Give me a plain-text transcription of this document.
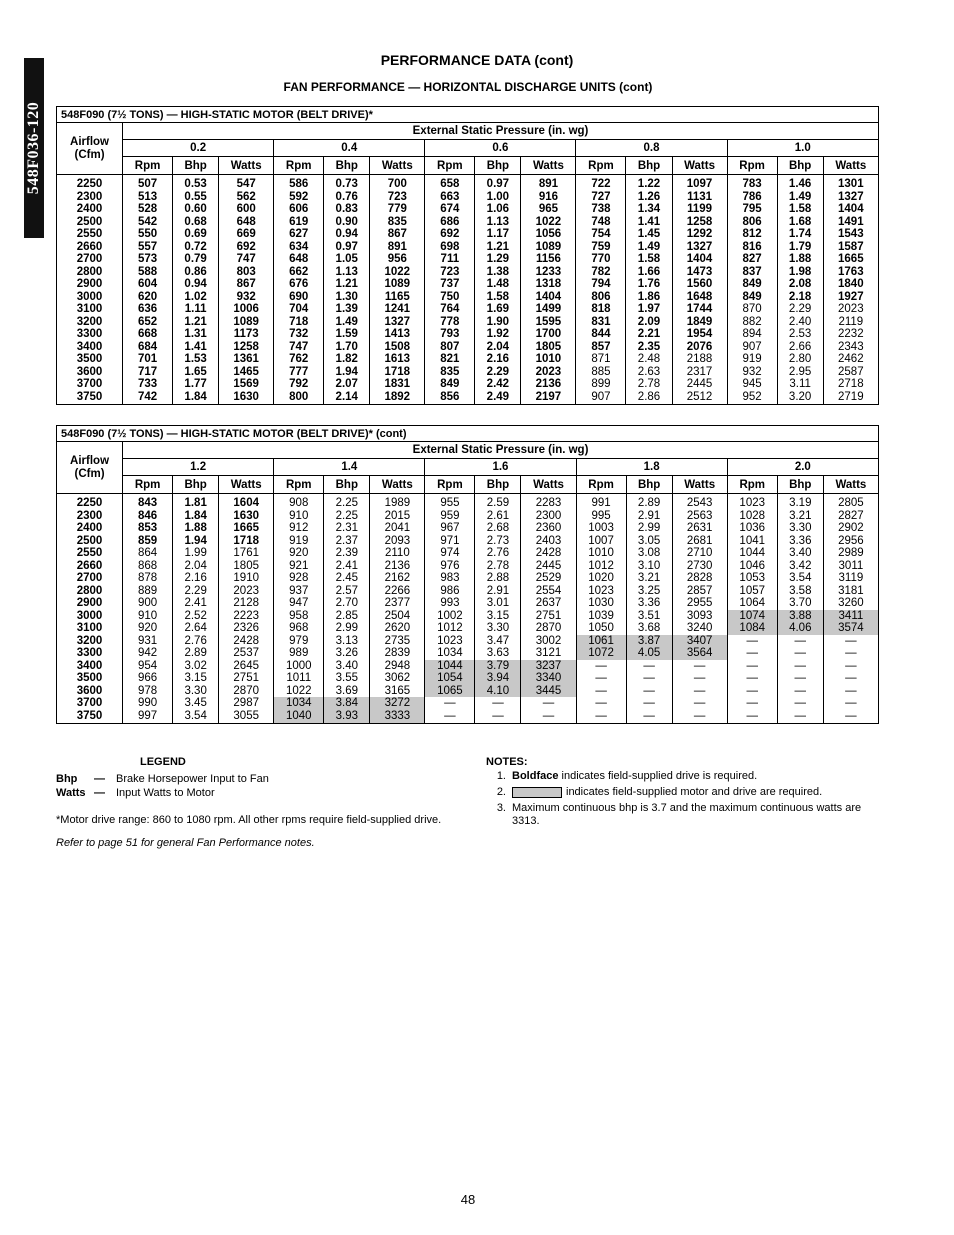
548F036-120
PERFORMANCE DATA (cont)
FAN PERFORMANCE — HORIZONTAL DISCHARGE UNITS (cont)
548F090 (7½ TONS) — HIGH-STATIC MOTOR (BELT DRIVE)*															
Airflow (Cfm)	External Static Pressure (in. wg)														
	0.2			0.4			0.6			0.8			1.0		
	Rpm	Bhp	Watts	Rpm	Bhp	Watts	Rpm	Bhp	Watts	Rpm	Bhp	Watts	Rpm	Bhp	Watts
2250	507	0.53	547	586	0.73	700	658	0.97	891	722	1.22	1097	783	1.46	1301
2300	513	0.55	562	592	0.76	723	663	1.00	916	727	1.26	1131	786	1.49	1327
2400	528	0.60	600	606	0.83	779	674	1.06	965	738	1.34	1199	795	1.58	1404
2500	542	0.68	648	619	0.90	835	686	1.13	1022	748	1.41	1258	806	1.68	1491
2550	550	0.69	669	627	0.94	867	692	1.17	1056	754	1.45	1292	812	1.74	1543
2660	557	0.72	692	634	0.97	891	698	1.21	1089	759	1.49	1327	816	1.79	1587
2700	573	0.79	747	648	1.05	956	711	1.29	1156	770	1.58	1404	827	1.88	1665
2800	588	0.86	803	662	1.13	1022	723	1.38	1233	782	1.66	1473	837	1.98	1763
2900	604	0.94	867	676	1.21	1089	737	1.48	1318	794	1.76	1560	849	2.08	1840
3000	620	1.02	932	690	1.30	1165	750	1.58	1404	806	1.86	1648	849	2.18	1927
3100	636	1.11	1006	704	1.39	1241	764	1.69	1499	818	1.97	1744	870	2.29	2023
3200	652	1.21	1089	718	1.49	1327	778	1.90	1595	831	2.09	1849	882	2.40	2119
3300	668	1.31	1173	732	1.59	1413	793	1.92	1700	844	2.21	1954	894	2.53	2232
3400	684	1.41	1258	747	1.70	1508	807	2.04	1805	857	2.35	2076	907	2.66	2343
3500	701	1.53	1361	762	1.82	1613	821	2.16	1010	871	2.48	2188	919	2.80	2462
3600	717	1.65	1465	777	1.94	1718	835	2.29	2023	885	2.63	2317	932	2.95	2587
3700	733	1.77	1569	792	2.07	1831	849	2.42	2136	899	2.78	2445	945	3.11	2718
3750	742	1.84	1630	800	2.14	1892	856	2.49	2197	907	2.86	2512	952	3.20	2719
548F090 (7½ TONS) — HIGH-STATIC MOTOR (BELT DRIVE)* (cont)															
Airflow (Cfm)	External Static Pressure (in. wg)														
	1.2			1.4			1.6			1.8			2.0		
	Rpm	Bhp	Watts	Rpm	Bhp	Watts	Rpm	Bhp	Watts	Rpm	Bhp	Watts	Rpm	Bhp	Watts
2250	843	1.81	1604	908	2.25	1989	955	2.59	2283	991	2.89	2543	1023	3.19	2805
2300	846	1.84	1630	910	2.25	2015	959	2.61	2300	995	2.91	2563	1028	3.21	2827
2400	853	1.88	1665	912	2.31	2041	967	2.68	2360	1003	2.99	2631	1036	3.30	2902
2500	859	1.94	1718	919	2.37	2093	971	2.73	2403	1007	3.05	2681	1041	3.36	2956
2550	864	1.99	1761	920	2.39	2110	974	2.76	2428	1010	3.08	2710	1044	3.40	2989
2660	868	2.04	1805	921	2.41	2136	976	2.78	2445	1012	3.10	2730	1046	3.42	3011
2700	878	2.16	1910	928	2.45	2162	983	2.88	2529	1020	3.21	2828	1053	3.54	3119
2800	889	2.29	2023	937	2.57	2266	986	2.91	2554	1023	3.25	2857	1057	3.58	3181
2900	900	2.41	2128	947	2.70	2377	993	3.01	2637	1030	3.36	2955	1064	3.70	3260
3000	910	2.52	2223	958	2.85	2504	1002	3.15	2751	1039	3.51	3093	1074	3.88	3411
3100	920	2.64	2326	968	2.99	2620	1012	3.30	2870	1050	3.68	3240	1084	4.06	3574
3200	931	2.76	2428	979	3.13	2735	1023	3.47	3002	1061	3.87	3407	—	—	—
3300	942	2.89	2537	989	3.26	2839	1034	3.63	3121	1072	4.05	3564	—	—	—
3400	954	3.02	2645	1000	3.40	2948	1044	3.79	3237	—	—	—	—	—	—
3500	966	3.15	2751	1011	3.55	3062	1054	3.94	3340	—	—	—	—	—	—
3600	978	3.30	2870	1022	3.69	3165	1065	4.10	3445	—	—	—	—	—	—
3700	990	3.45	2987	1034	3.84	3272	—	—	—	—	—	—	—	—	—
3750	997	3.54	3055	1040	3.93	3333	—	—	—	—	—	—	—	—	—
LEGEND
Bhp	—	Brake Horsepower Input to Fan
Watts —	Input Watts to Motor
*Motor drive range: 860 to 1080 rpm. All other rpms require field-supplied drive.
Refer to page 51 for general Fan Performance notes.
NOTES:
1. Boldface indicates field-supplied drive is required.
2.	indicates field-supplied motor and drive are required.
3. Maximum continuous bhp is 3.7 and the maximum continuous watts are 3313.
48
